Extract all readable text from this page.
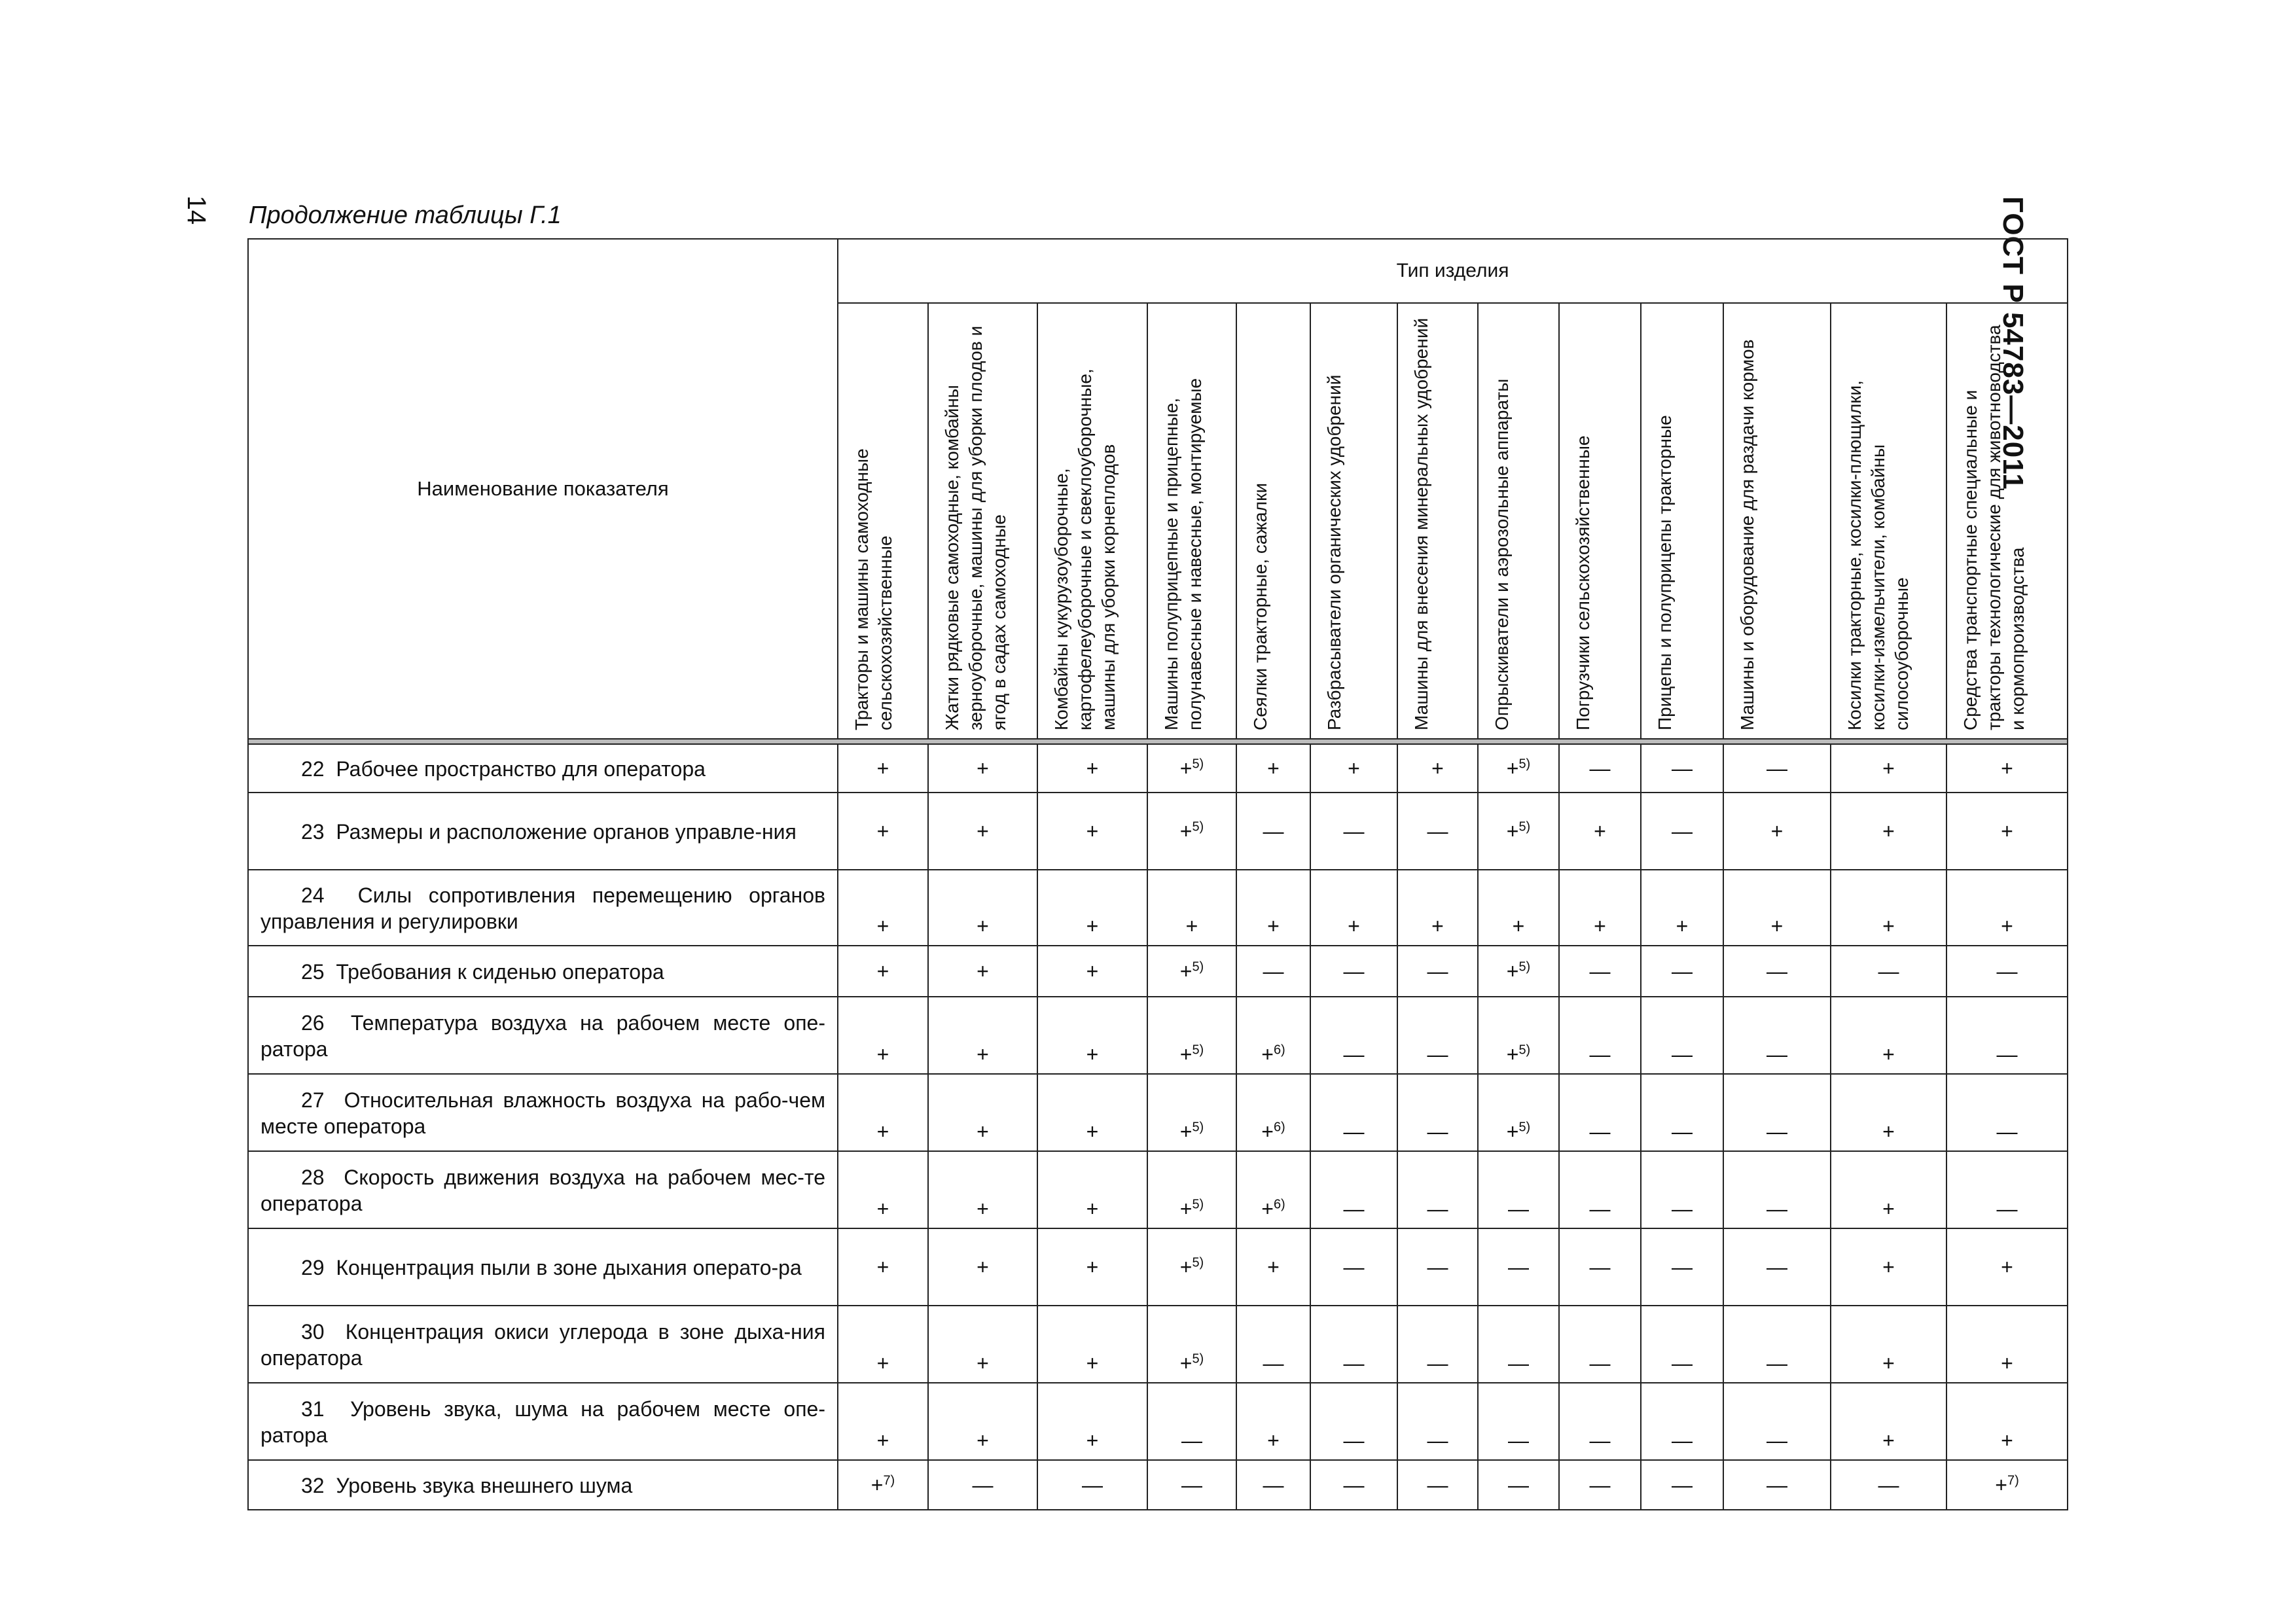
14	ГОСТ Р 54783—2011
Продолжение таблицы Г.1
Наименование показателя	Тип изделия												

	Тракторы и машины самоходные сельскохозяйственные	Жатки рядковые самоходные, комбайны зерноуборочные, машины для уборки плодов и ягод в садах самоходные	Комбайны кукурузоуборочные, картофелеуборочные и свеклоуборочные, машины для уборки корнеплодов	Машины полуприцепные и прицепные, полунавесные и навесные, монтируемые	Сеялки тракторные, сажалки	Разбрасыватели органических удобрений	Машины для внесения минеральных удобрений	Опрыскиватели и аэрозольные аппараты	Погрузчики сельскохозяйственные	Прицепы и полуприцепы тракторные	Машины и оборудование для раздачи кормов	Косилки тракторные, косилки-плющилки, косилки-измельчители, комбайны силосоуборочные	Средства транспортные специальные и тракторы технологические для животноводства и кормопроизводства

22 Рабочее пространство для оператора	+	+	+	+$^{5)}$	+	+	+	+$^{5)}$	—	—	—	+	+
23 Размеры и расположение органов управле-ния	+	+	+	+$^{5)}$	—	—	—	+$^{5)}$	+	—	+	+	+
24 Силы сопротивления перемещению органов управления и регулировки	+	+	+	+	+	+	+	+	+	+	+	+	+
25 Требования к сиденью оператора	+	+	+	+$^{5)}$	—	—	—	+$^{5)}$	—	—	—	—	—
26 Температура воздуха на рабочем месте опе-ратора	+	+	+	+$^{5)}$	+$^{6)}$	—	—	+$^{5)}$	—	—	—	+	—
27 Относительная влажность воздуха на рабо-чем месте оператора	+	+	+	+$^{5)}$	+$^{6)}$	—	—	+$^{5)}$	—	—	—	+	—
28 Скорость движения воздуха на рабочем мес-те оператора	+	+	+	+$^{5)}$	+$^{6)}$	—	—	—	—	—	—	+	—
29 Концентрация пыли в зоне дыхания операто-ра	+	+	+	+$^{5)}$	+	—	—	—	—	—	—	+	+
30 Концентрация окиси углерода в зоне дыха-ния оператора	+	+	+	+$^{5)}$	—	—	—	—	—	—	—	+	+
31 Уровень звука, шума на рабочем месте опе-ратора	+	+	+	—	+	—	—	—	—	—	—	+	+
32 Уровень звука внешнего шума	+$^{7)}$	—	—	—	—	—	—	—	—	—	—	—	+$^{7)}$
